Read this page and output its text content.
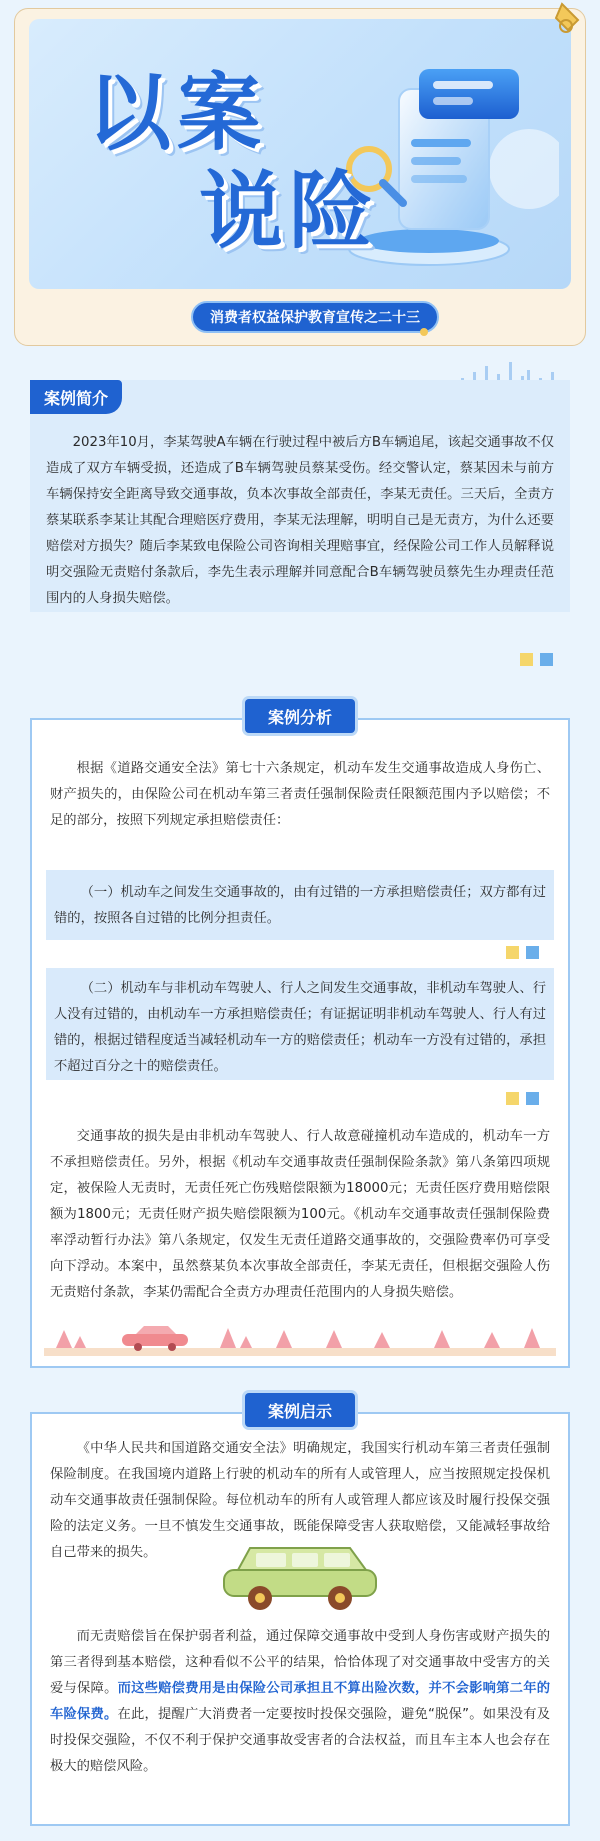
以案
说险
消费者权益保护教育宣传之二十三
案例简介
2023年10月，李某驾驶A车辆在行驶过程中被后方B车辆追尾，该起交通事故不仅造成了双方车辆受损，还造成了B车辆驾驶员蔡某受伤。经交警认定，蔡某因未与前方车辆保持安全距离导致交通事故，负本次事故全部责任，李某无责任。三天后，全责方蔡某联系李某让其配合理赔医疗费用，李某无法理解，明明自己是无责方，为什么还要赔偿对方损失？随后李某致电保险公司咨询相关理赔事宜，经保险公司工作人员解释说明交强险无责赔付条款后，李先生表示理解并同意配合B车辆驾驶员蔡先生办理责任范围内的人身损失赔偿。
案例分析
根据《道路交通安全法》第七十六条规定，机动车发生交通事故造成人身伤亡、财产损失的，由保险公司在机动车第三者责任强制保险责任限额范围内予以赔偿；不足的部分，按照下列规定承担赔偿责任：
（一）机动车之间发生交通事故的，由有过错的一方承担赔偿责任；双方都有过错的，按照各自过错的比例分担责任。
（二）机动车与非机动车驾驶人、行人之间发生交通事故，非机动车驾驶人、行人没有过错的，由机动车一方承担赔偿责任；有证据证明非机动车驾驶人、行人有过错的，根据过错程度适当减轻机动车一方的赔偿责任；机动车一方没有过错的，承担不超过百分之十的赔偿责任。
交通事故的损失是由非机动车驾驶人、行人故意碰撞机动车造成的，机动车一方不承担赔偿责任。另外，根据《机动车交通事故责任强制保险条款》第八条第四项规定，被保险人无责时，无责任死亡伤残赔偿限额为18000元；无责任医疗费用赔偿限额为1800元；无责任财产损失赔偿限额为100元。《机动车交通事故责任强制保险费率浮动暂行办法》第八条规定，仅发生无责任道路交通事故的，交强险费率仍可享受向下浮动。本案中，虽然蔡某负本次事故全部责任，李某无责任，但根据交强险人伤无责赔付条款，李某仍需配合全责方办理责任范围内的人身损失赔偿。
案例启示
《中华人民共和国道路交通安全法》明确规定，我国实行机动车第三者责任强制保险制度。在我国境内道路上行驶的机动车的所有人或管理人，应当按照规定投保机动车交通事故责任强制保险。每位机动车的所有人或管理人都应该及时履行投保交强险的法定义务。一旦不慎发生交通事故，既能保障受害人获取赔偿，又能减轻事故给自己带来的损失。
而无责赔偿旨在保护弱者利益，通过保障交通事故中受到人身伤害或财产损失的第三者得到基本赔偿，这种看似不公平的结果，恰恰体现了对交通事故中受害方的关爱与保障。而这些赔偿费用是由保险公司承担且不算出险次数，并不会影响第二年的车险保费。在此，提醒广大消费者一定要按时投保交强险，避免“脱保”。如果没有及时投保交强险，不仅不利于保护交通事故受害者的合法权益，而且车主本人也会存在极大的赔偿风险。
